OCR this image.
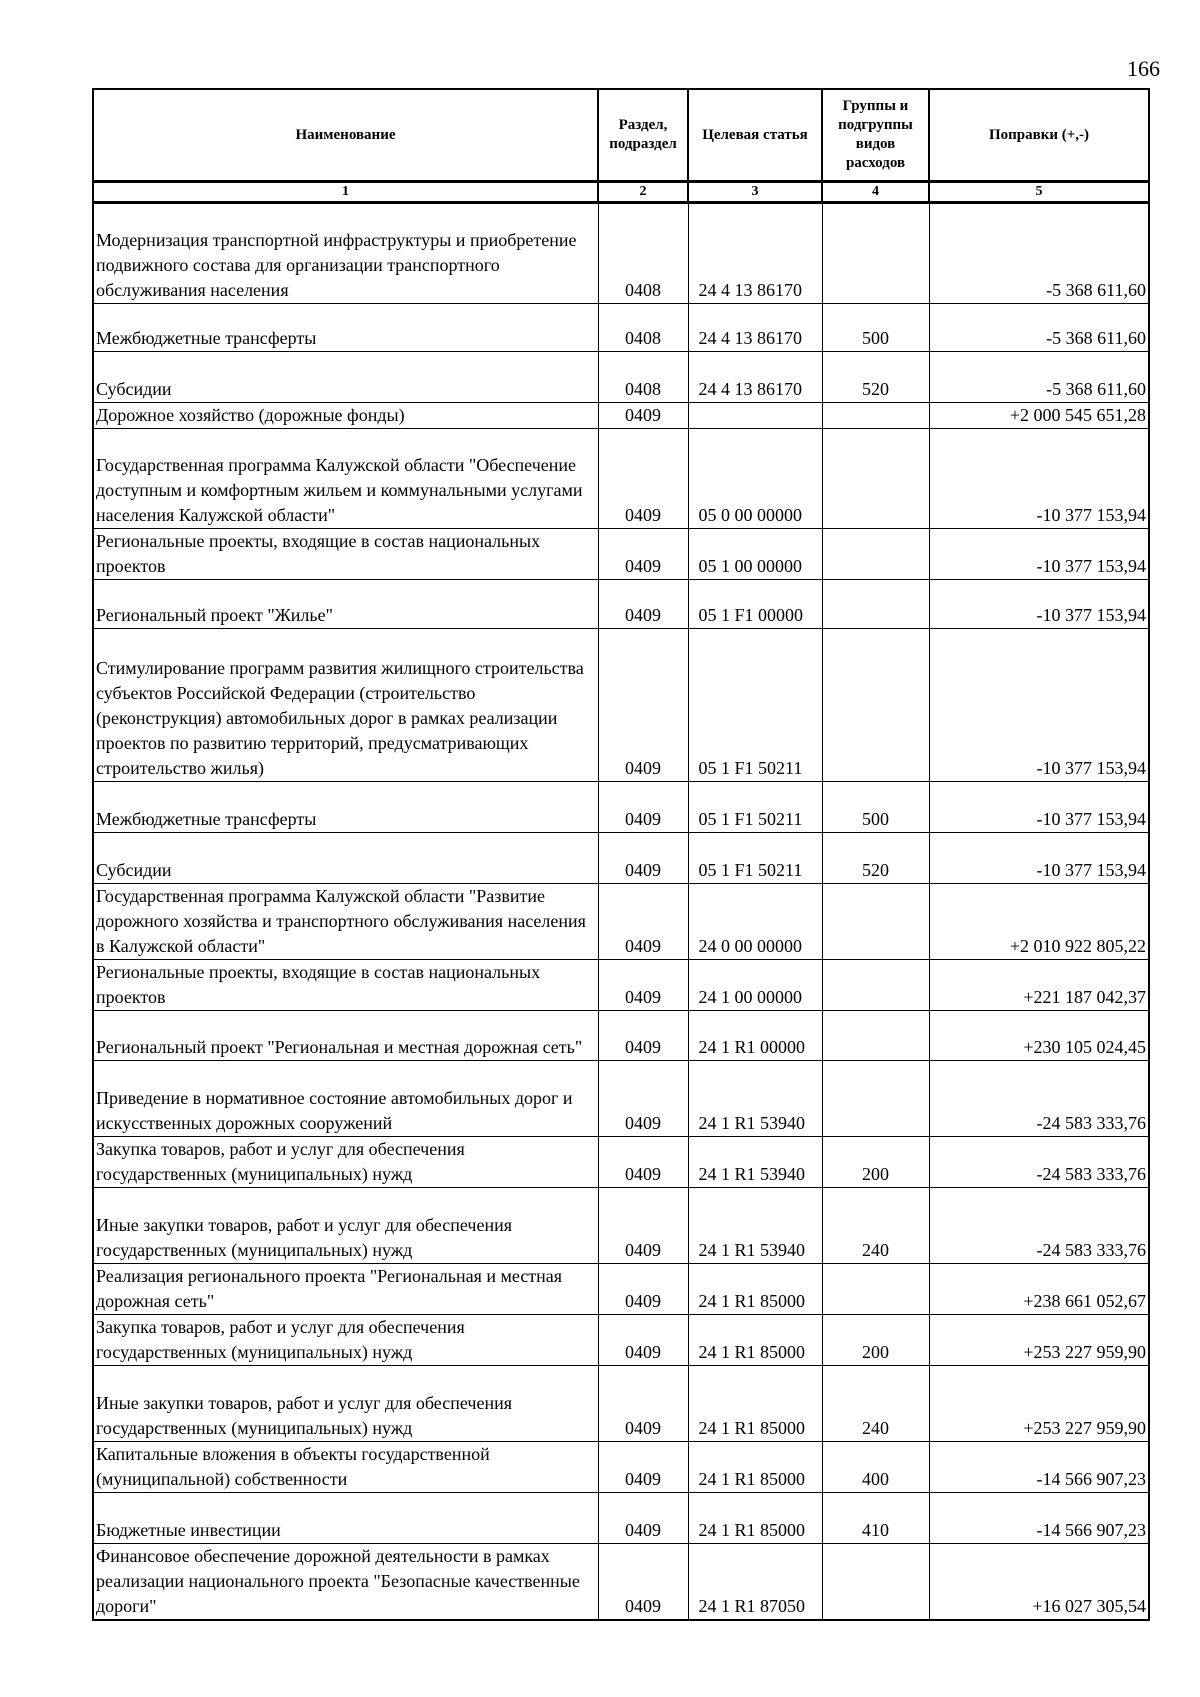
166
Наименование	Раздел, подраздел	Целевая статья	Группы и подгруппы видов расходов	Поправки (+,-)
1	2	3	4	5
Модернизация транспортной инфраструктуры и приобретение подвижного состава для организации транспортного обслуживания населения	0408	24 4 13 86170		-5 368 611,60
Межбюджетные трансферты	0408	24 4 13 86170	500	-5 368 611,60
Субсидии	0408	24 4 13 86170	520	-5 368 611,60
Дорожное хозяйство (дорожные фонды)	0409			+2 000 545 651,28
Государственная программа Калужской области "Обеспечение доступным и комфортным жильем и коммунальными услугами населения Калужской области"	0409	05 0 00 00000		-10 377 153,94
Региональные проекты, входящие в состав национальных проектов	0409	05 1 00 00000		-10 377 153,94
Региональный проект "Жилье"	0409	05 1 F1 00000		-10 377 153,94
Стимулирование программ развития жилищного строительства субъектов Российской Федерации (строительство (реконструкция) автомобильных дорог в рамках реализации проектов по развитию территорий, предусматривающих строительство жилья)	0409	05 1 F1 50211		-10 377 153,94
Межбюджетные трансферты	0409	05 1 F1 50211	500	-10 377 153,94
Субсидии	0409	05 1 F1 50211	520	-10 377 153,94
Государственная программа Калужской области "Развитие дорожного хозяйства и транспортного обслуживания населения в Калужской области"	0409	24 0 00 00000		+2 010 922 805,22
Региональные проекты, входящие в состав национальных проектов	0409	24 1 00 00000		+221 187 042,37
Региональный проект "Региональная и местная дорожная сеть"	0409	24 1 R1 00000		+230 105 024,45
Приведение в нормативное состояние автомобильных дорог и искусственных дорожных сооружений	0409	24 1 R1 53940		-24 583 333,76
Закупка товаров, работ и услуг для обеспечения государственных (муниципальных) нужд	0409	24 1 R1 53940	200	-24 583 333,76
Иные закупки товаров, работ и услуг для обеспечения государственных (муниципальных) нужд	0409	24 1 R1 53940	240	-24 583 333,76
Реализация регионального проекта "Региональная и местная дорожная сеть"	0409	24 1 R1 85000		+238 661 052,67
Закупка товаров, работ и услуг для обеспечения государственных (муниципальных) нужд	0409	24 1 R1 85000	200	+253 227 959,90
Иные закупки товаров, работ и услуг для обеспечения государственных (муниципальных) нужд	0409	24 1 R1 85000	240	+253 227 959,90
Капитальные вложения в объекты государственной (муниципальной) собственности	0409	24 1 R1 85000	400	-14 566 907,23
Бюджетные инвестиции	0409	24 1 R1 85000	410	-14 566 907,23
Финансовое обеспечение дорожной деятельности в рамках реализации национального проекта "Безопасные качественные дороги"	0409	24 1 R1 87050		+16 027 305,54
